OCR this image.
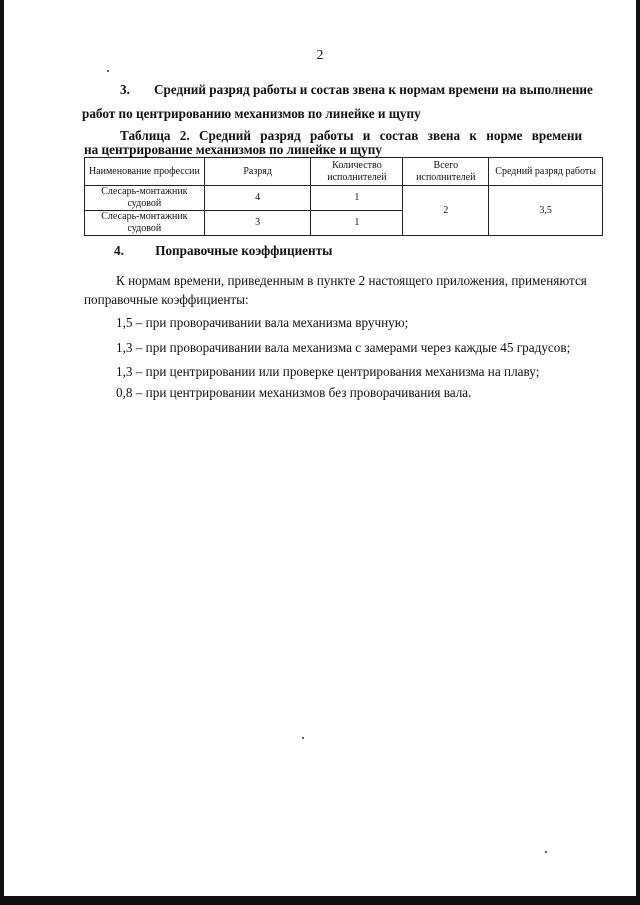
2
3. Средний разряд работы и состав звена к нормам времени на выполнение
работ по центрированию механизмов по линейке и щупу
Таблица 2. Средний разряд работы и состав звена к норме времени
на центрирование механизмов по линейке и щупу
Наименование профессии	Разряд	Количество исполнителей	Всего исполнителей	Средний разряд работы
Слесарь-монтажник судовой	4	1	2	3,5
Слесарь-монтажник судовой	3	1		
4. Поправочные коэффициенты
К нормам времени, приведенным в пункте 2 настоящего приложения, применяются
поправочные коэффициенты:
1,5 – при проворачивании вала механизма вручную;
1,3 – при проворачивании вала механизма с замерами через каждые 45 градусов;
1,3 – при центрировании или проверке центрирования механизма на плаву;
0,8 – при центрировании механизмов без проворачивания вала.
